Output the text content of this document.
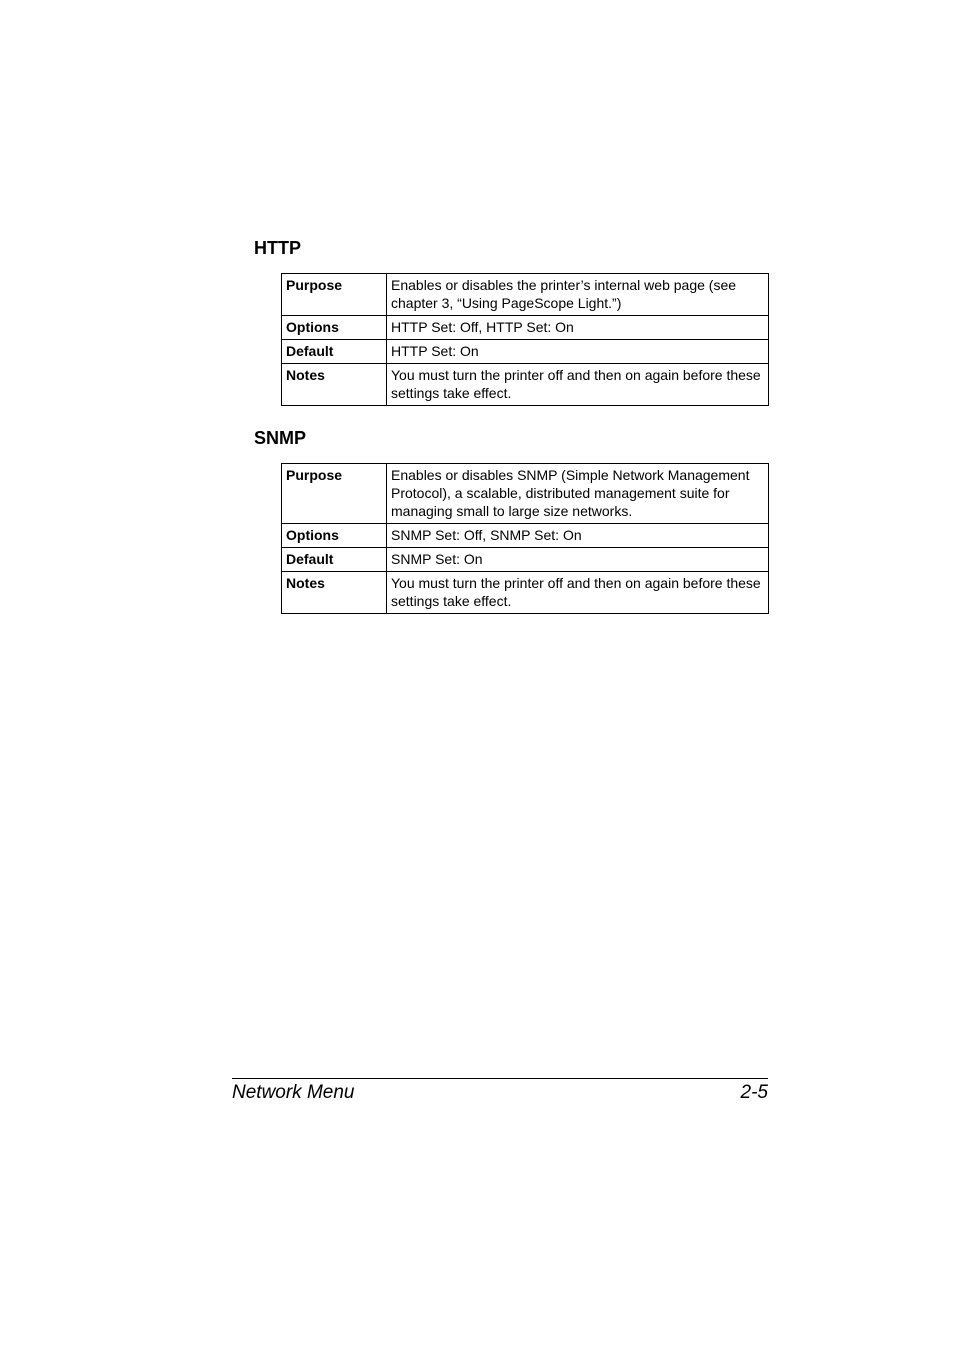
HTTP
Purpose	Enables or disables the printer’s internal web page (see chapter 3, “Using PageScope Light.”)
Options	HTTP Set: Off, HTTP Set: On
Default	HTTP Set: On
Notes	You must turn the printer off and then on again before these settings take effect.
SNMP
Purpose	Enables or disables SNMP (Simple Network Management Protocol), a scalable, distributed management suite for managing small to large size networks.
Options	SNMP Set: Off, SNMP Set: On
Default	SNMP Set: On
Notes	You must turn the printer off and then on again before these settings take effect.
Network Menu	2-5
